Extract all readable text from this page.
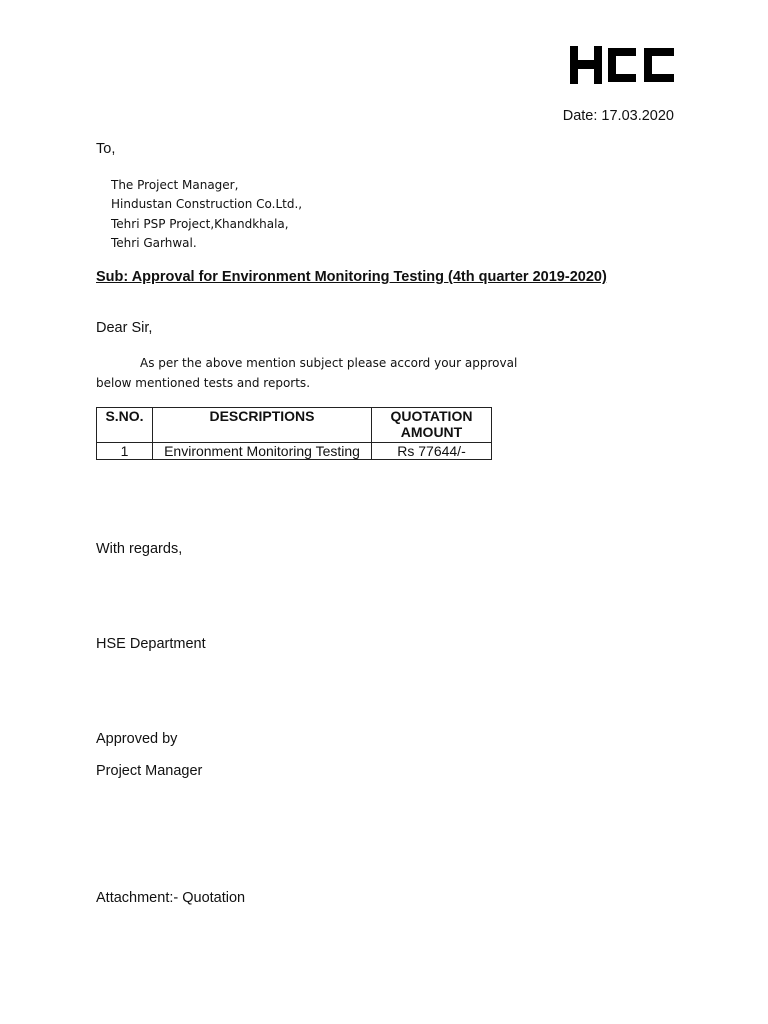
Date: 17.03.2020
To,
The Project Manager,
Hindustan Construction Co.Ltd.,
Tehri PSP Project,Khandkhala,
Tehri Garhwal.
Sub: Approval for Environment Monitoring Testing (4th quarter 2019-2020)
Dear Sir,
As per the above mention subject please accord your approval
below mentioned tests and reports.
S.NO.	DESCRIPTIONS	QUOTATION AMOUNT
1	Environment Monitoring Testing	Rs 77644/-
With regards,
HSE Department
Approved by
Project Manager
Attachment:- Quotation
